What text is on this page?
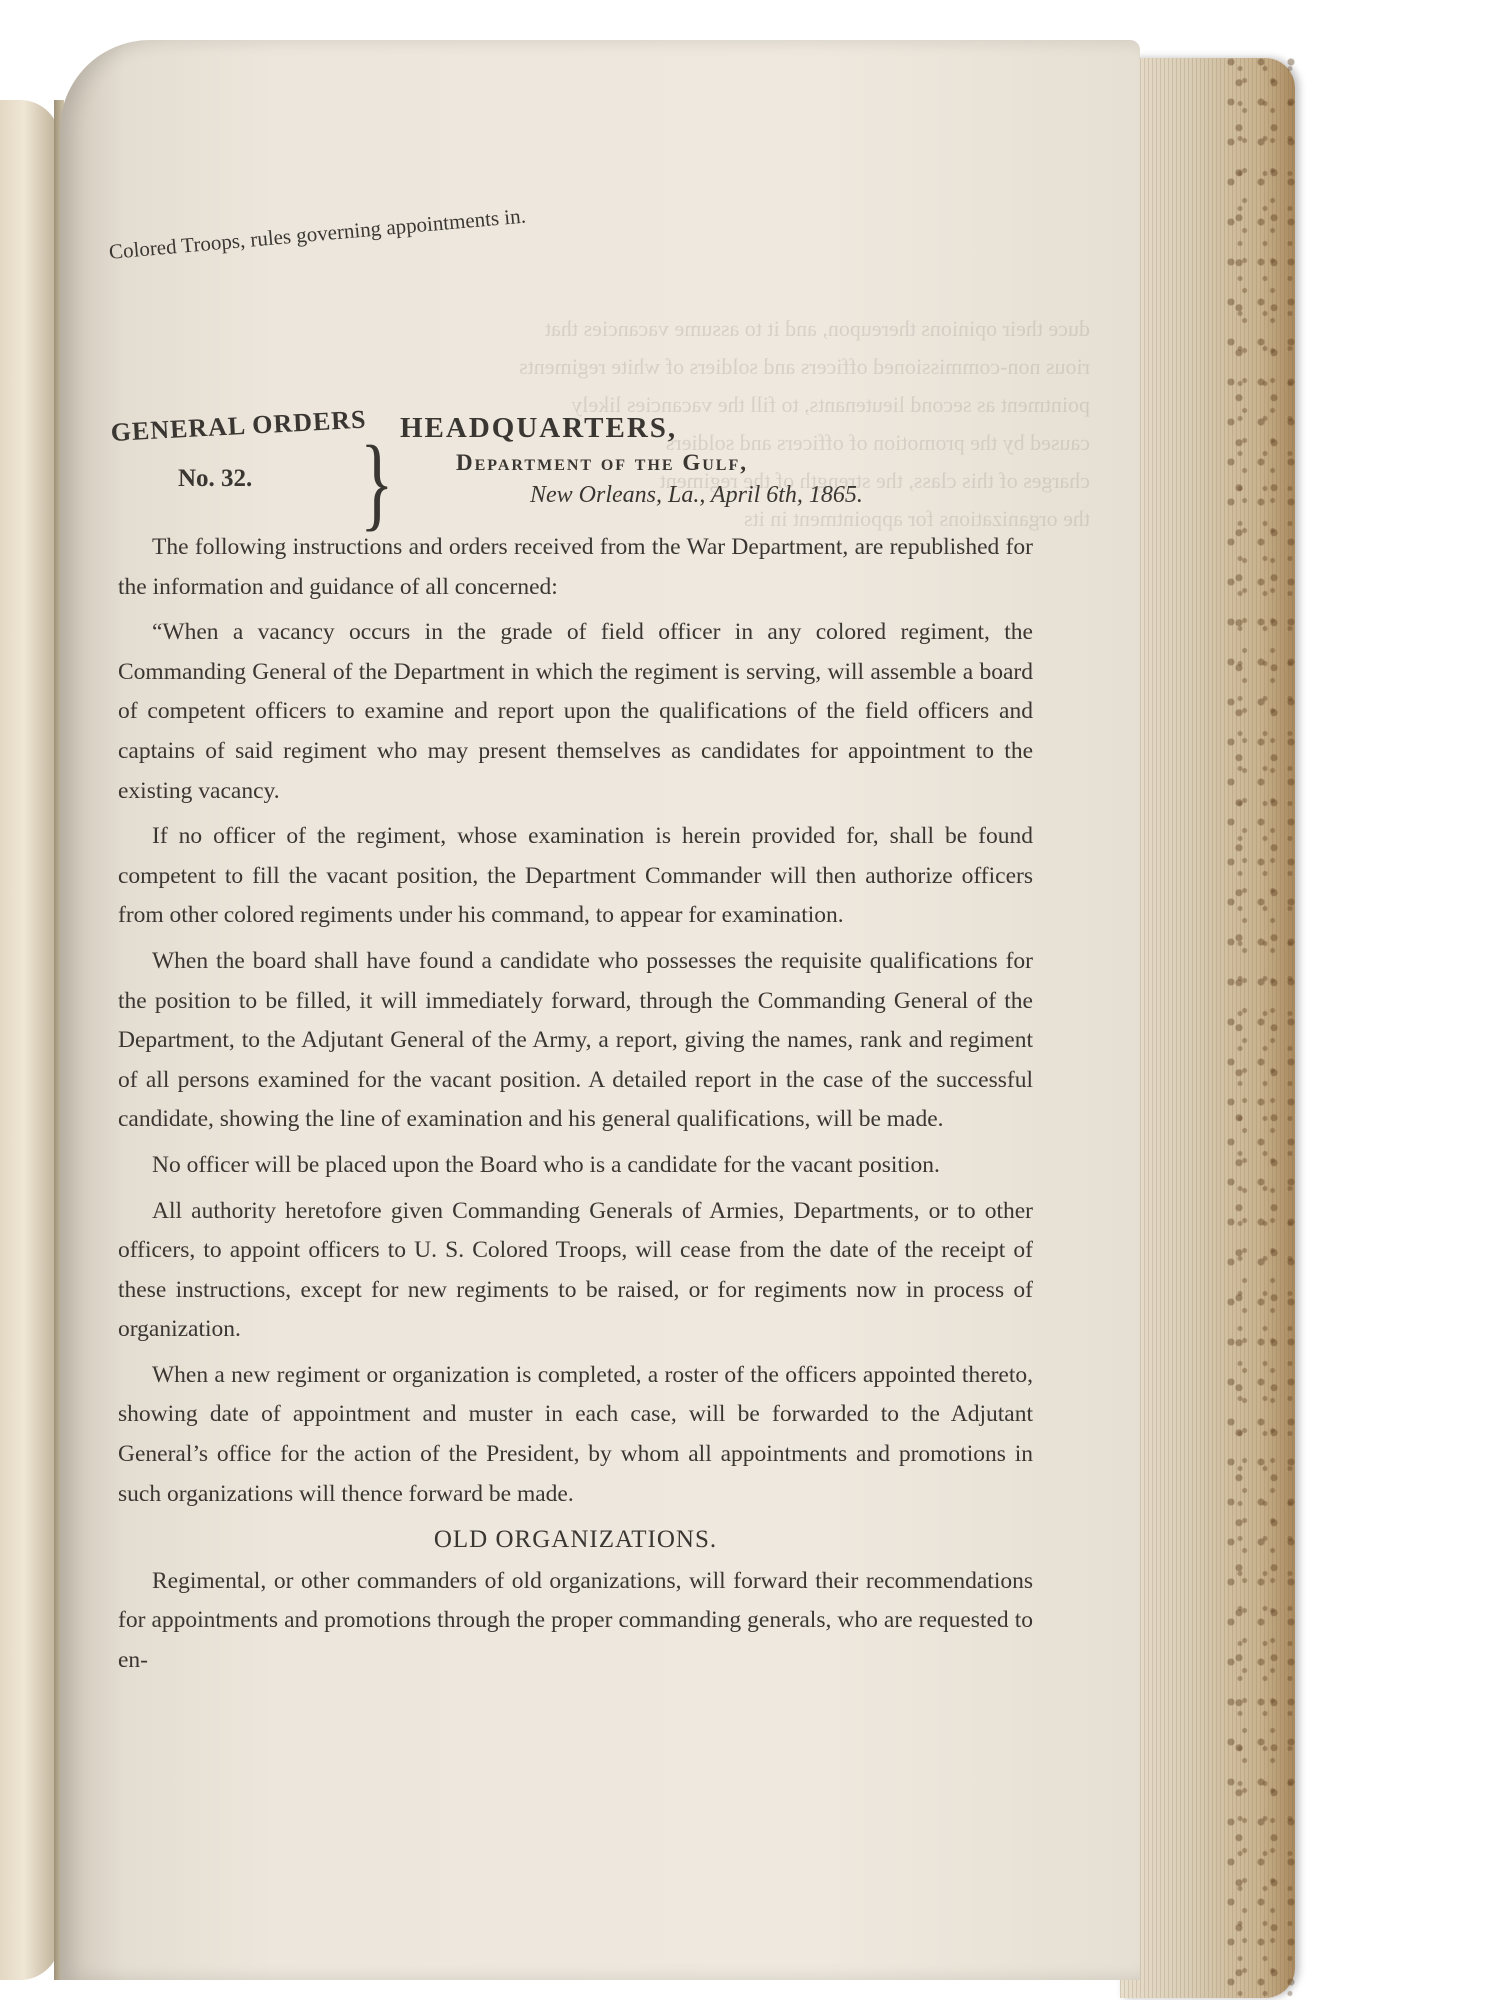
Colored Troops, rules governing appointments in.
duce their opinions thereupon, and it to assume vacancies that
rious non-commissioned officers and soldiers of white regiments
pointment as second lieutenants, to fill the vacancies likely
caused by the promotion of officers and soldiers
charges of this class, the strength of the regiment
the organizations for appointment in its

GENERAL ORDERS
No. 32. } HEADQUARTERS,
Department of the Gulf,
New Orleans, La., April 6th, 1865.

The following instructions and orders received from the War Department, are republished for the information and guidance of all concerned:

“When a vacancy occurs in the grade of field officer in any colored regiment, the Commanding General of the Department in which the regiment is serving, will assemble a board of competent officers to examine and report upon the qualifications of the field officers and captains of said regiment who may present themselves as candidates for appointment to the existing vacancy.

If no officer of the regiment, whose examination is herein provided for, shall be found competent to fill the vacant position, the Department Commander will then authorize officers from other colored regiments under his command, to appear for examination.

When the board shall have found a candidate who possesses the requisite qualifications for the position to be filled, it will immediately forward, through the Commanding General of the Department, to the Adjutant General of the Army, a report, giving the names, rank and regiment of all persons examined for the vacant position. A detailed report in the case of the successful candidate, showing the line of examination and his general qualifications, will be made.

No officer will be placed upon the Board who is a candidate for the vacant position.

All authority heretofore given Commanding Generals of Armies, Departments, or to other officers, to appoint officers to U. S. Colored Troops, will cease from the date of the receipt of these instructions, except for new regiments to be raised, or for regiments now in process of organization.

When a new regiment or organization is completed, a roster of the officers appointed thereto, showing date of appointment and muster in each case, will be forwarded to the Adjutant General’s office for the action of the President, by whom all appointments and promotions in such organizations will thence forward be made.

OLD ORGANIZATIONS.

Regimental, or other commanders of old organizations, will forward their recommendations for appointments and promotions through the proper commanding generals, who are requested to en-
